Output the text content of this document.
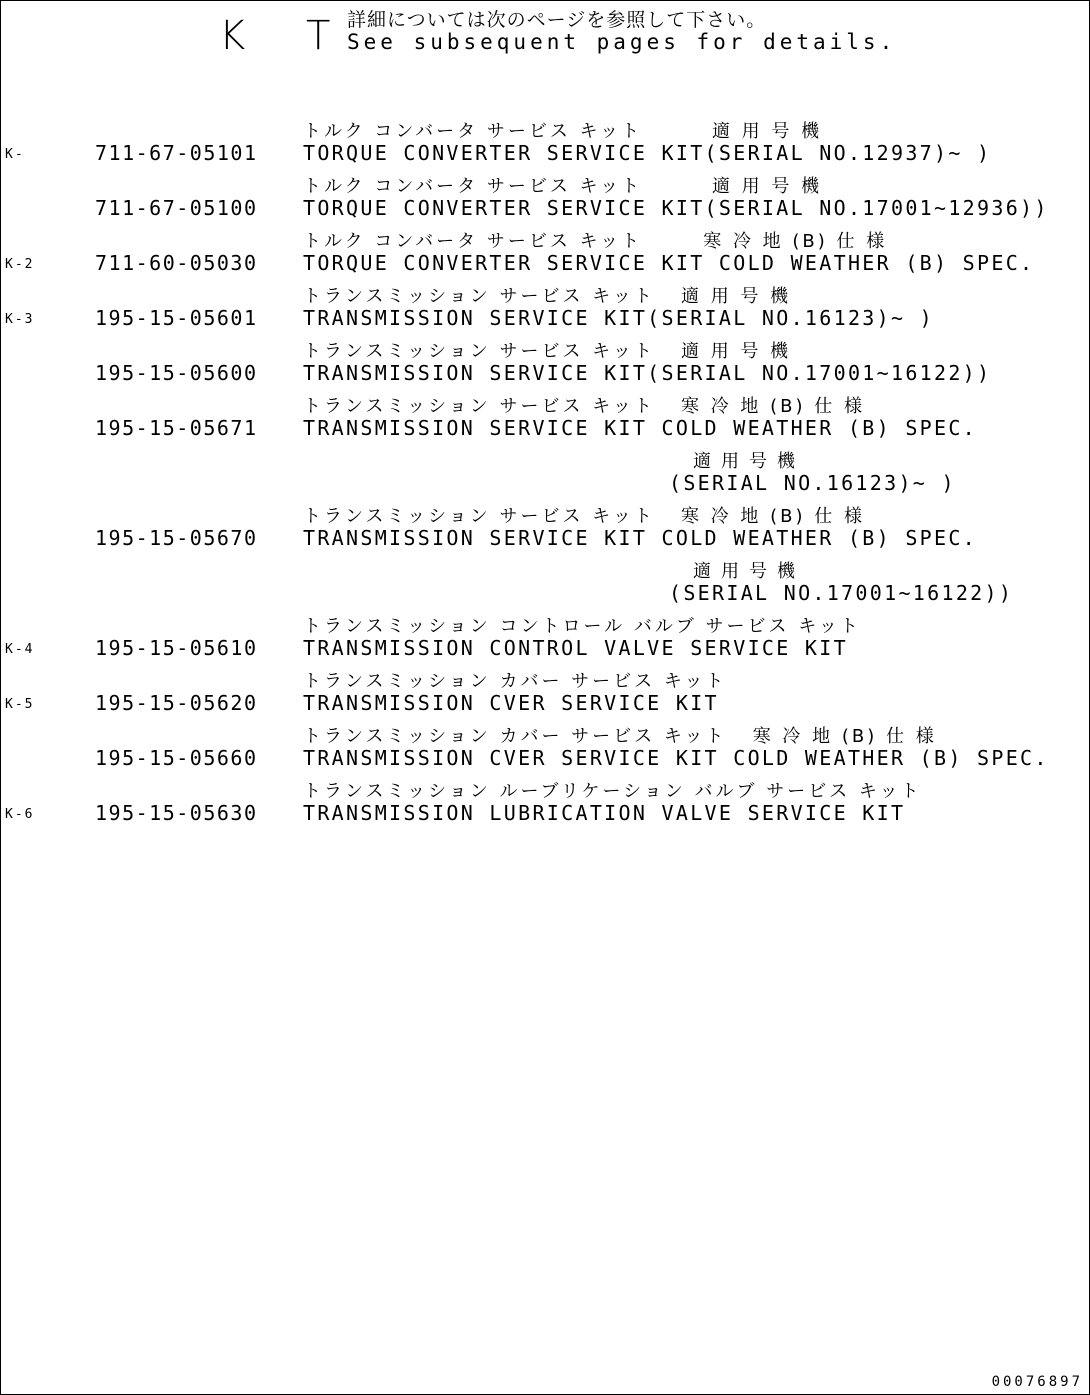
K T
詳細については次のページを参照して下さい。
See subsequent pages for details.
トルク コンバータ サービス キット        適 用 号 機
K-	711-67-05101 TORQUE CONVERTER SERVICE KIT(SERIAL NO.12937)~ )
トルク コンバータ サービス キット        適 用 号 機
711-67-05100 TORQUE CONVERTER SERVICE KIT(SERIAL NO.17001~12936))
トルク コンバータ サービス キット       寒 冷 地 (B) 仕 様
K-2	711-60-05030 TORQUE CONVERTER SERVICE KIT COLD WEATHER (B) SPEC.
トランスミッション サービス キット   適 用 号 機
K-3	195-15-05601 TRANSMISSION SERVICE KIT(SERIAL NO.16123)~ )
トランスミッション サービス キット   適 用 号 機
195-15-05600 TRANSMISSION SERVICE KIT(SERIAL NO.17001~16122))
トランスミッション サービス キット   寒 冷 地 (B) 仕 様
195-15-05671 TRANSMISSION SERVICE KIT COLD WEATHER (B) SPEC.
適用号機
(SERIAL NO.16123)~ )
トランスミッション サービス キット   寒 冷 地 (B) 仕 様
195-15-05670 TRANSMISSION SERVICE KIT COLD WEATHER (B) SPEC.
適用号機
(SERIAL NO.17001~16122))
トランスミッション コントロール バルブ サービス キット
K-4	195-15-05610 TRANSMISSION CONTROL VALVE SERVICE KIT
トランスミッション カバー サービス キット
K-5	195-15-05620 TRANSMISSION CVER SERVICE KIT
トランスミッション カバー サービス キット   寒 冷 地 (B) 仕 様
195-15-05660 TRANSMISSION CVER SERVICE KIT COLD WEATHER (B) SPEC.
トランスミッション ルーブリケーション バルブ サービス キット
K-6	195-15-05630 TRANSMISSION LUBRICATION VALVE SERVICE KIT
00076897
